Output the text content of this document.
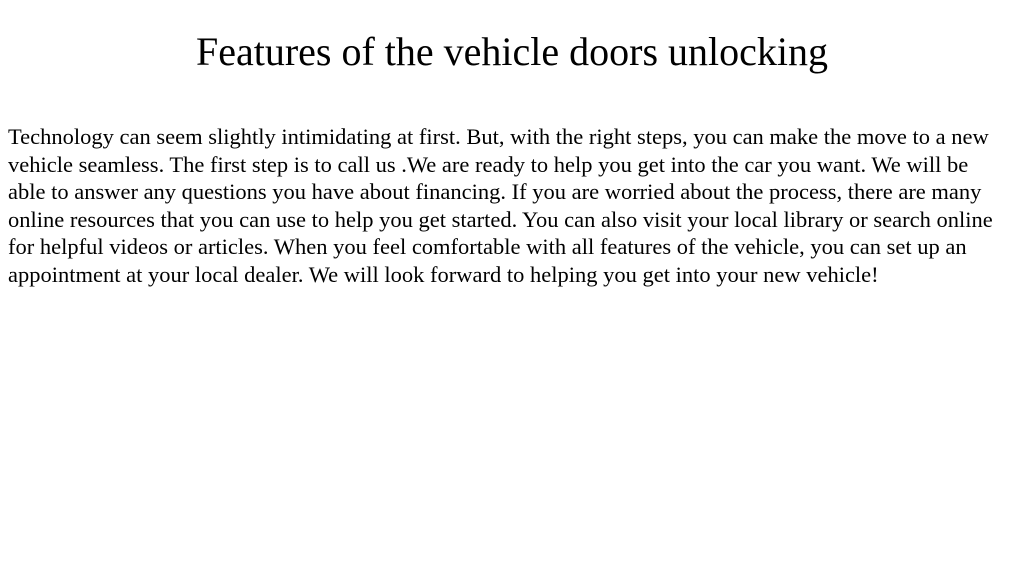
Features of the vehicle doors unlocking

Technology can seem slightly intimidating at first. But, with the right steps, you can make the move to a new vehicle seamless. The first step is to call us .We are ready to help you get into the car you want. We will be able to answer any questions you have about financing. If you are worried about the process, there are many online resources that you can use to help you get started. You can also visit your local library or search online for helpful videos or articles. When you feel comfortable with all features of the vehicle, you can set up an appointment at your local dealer. We will look forward to helping you get into your new vehicle!
